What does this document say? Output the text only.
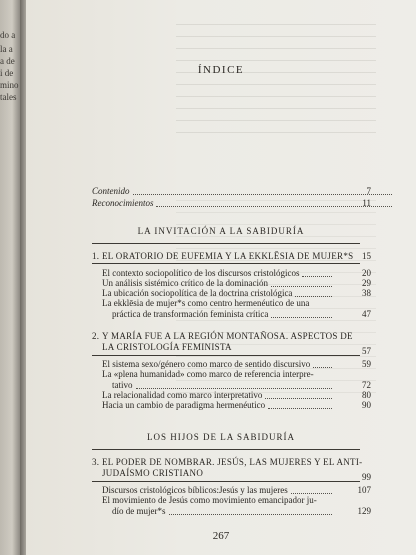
do a
la a
a de
i de
mino
tales
ÍNDICE
Contenido	7
Reconocimientos	11
LA INVITACIÓN A LA SABIDURÍA
1. EL ORATORIO DE EUFEMIA Y LA EKKLĒSIA DE MUJER*S 15
El contexto sociopolítico de los discursos cristológicos	20
Un análisis sistémico crítico de la dominación	29
La ubicación sociopolítica de la doctrina cristológica	38
La ekklēsia de mujer*s como centro hermenéutico de una
práctica de transformación feminista crítica	47
2. Y MARÍA FUE A LA REGIÓN MONTAÑOSA. ASPECTOS DE
LA CRISTOLOGÍA FEMINISTA	57
El sistema sexo/género como marco de sentido discursivo	59
La «plena humanidad» como marco de referencia interpre-
tativo	72
La relacionalidad como marco interpretativo	80
Hacia un cambio de paradigma hermenéutico	90
LOS HIJOS DE LA SABIDURÍA
3. EL PODER DE NOMBRAR. JESÚS, LAS MUJERES Y EL ANTI-
JUDAÍSMO CRISTIANO	99
Discursos cristológicos bíblicos:Jesús y las mujeres	107
El movimiento de Jesús como movimiento emancipador ju-
dío de mujer*s	129
267
